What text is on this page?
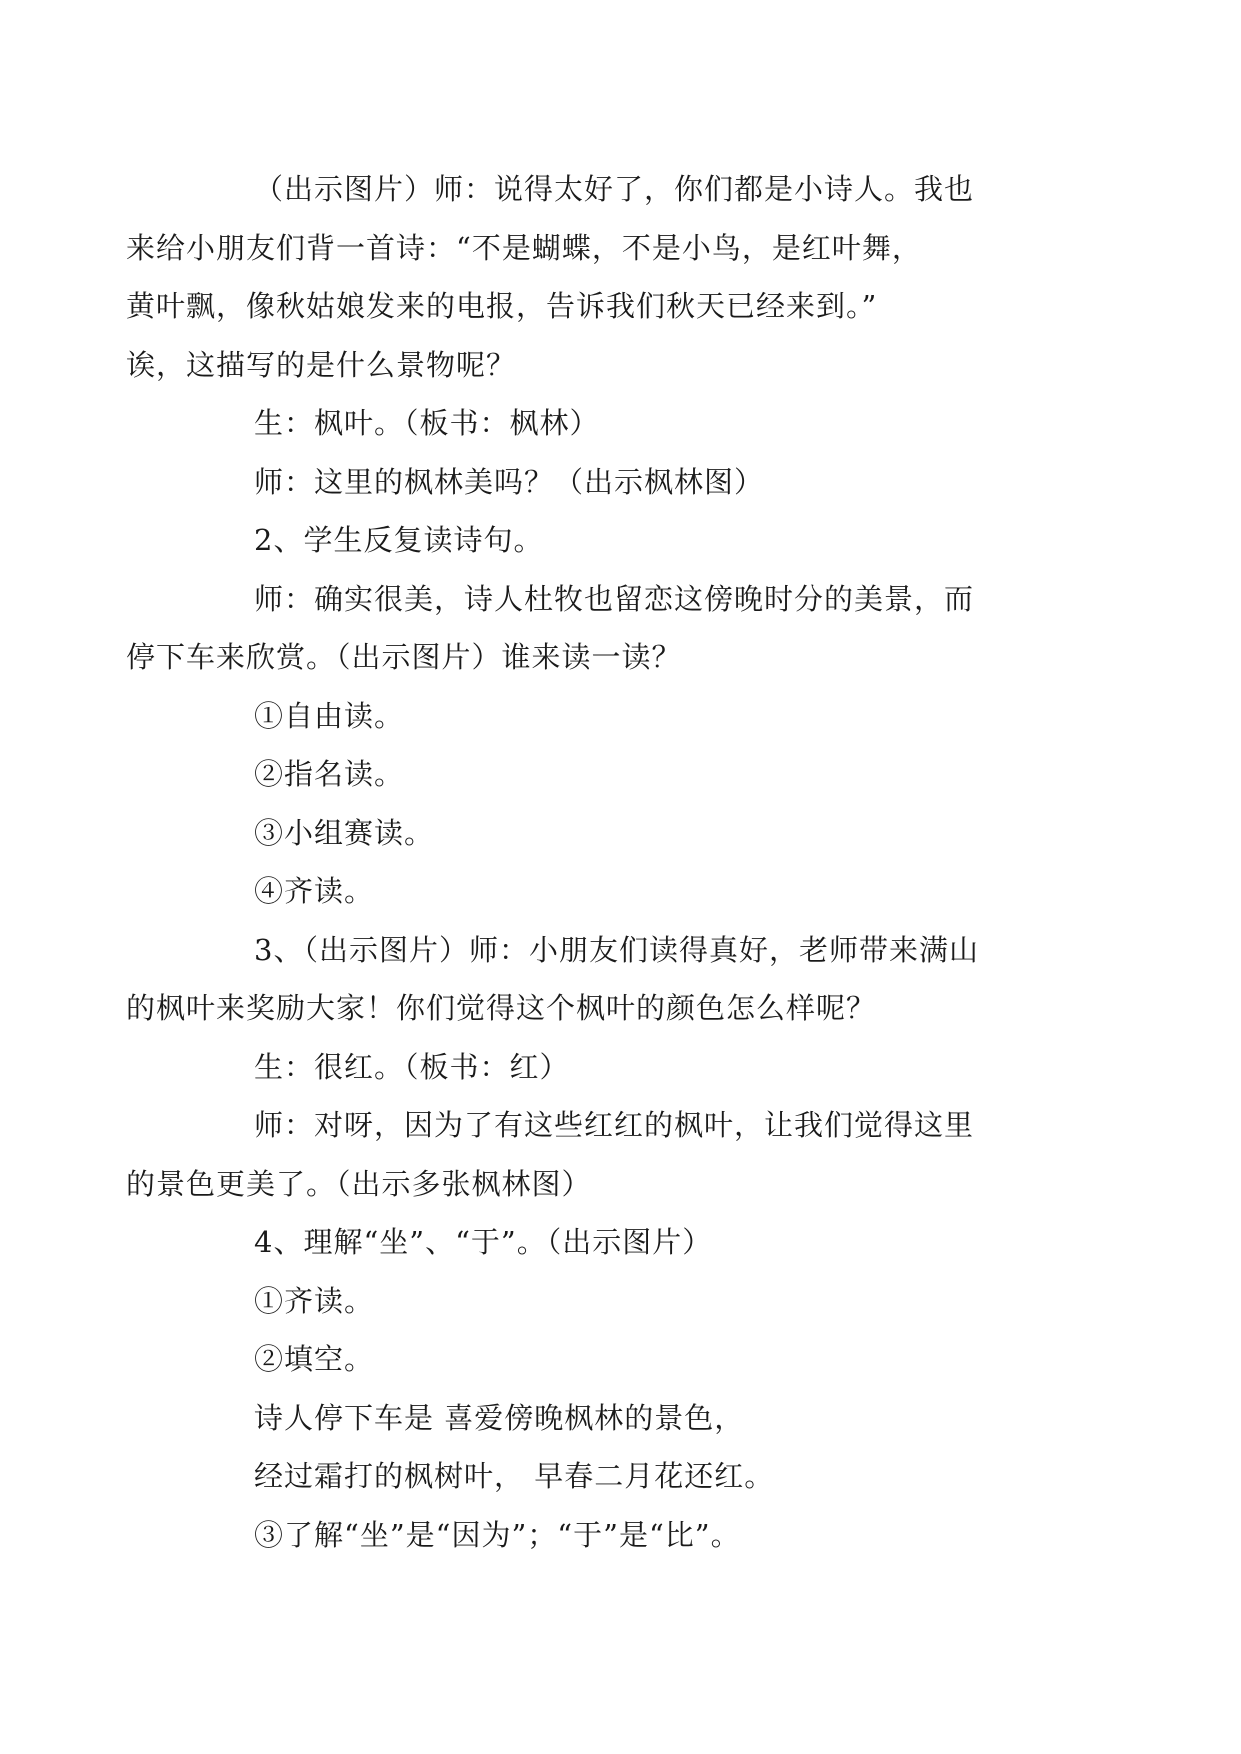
（出示图片）师：说得太好了，你们都是小诗人。我也
来给小朋友们背一首诗：“不是蝴蝶，不是小鸟，是红叶舞，
黄叶飘，像秋姑娘发来的电报，告诉我们秋天已经来到。”
诶，这描写的是什么景物呢？

生：枫叶。（板书：枫林）

师：这里的枫林美吗？（出示枫林图）

2、学生反复读诗句。

师：确实很美，诗人杜牧也留恋这傍晚时分的美景，而
停下车来欣赏。（出示图片）谁来读一读？

①自由读。

②指名读。

③小组赛读。

④齐读。

3、（出示图片）师：小朋友们读得真好，老师带来满山
的枫叶来奖励大家！你们觉得这个枫叶的颜色怎么样呢？

生：很红。（板书：红）

师：对呀，因为了有这些红红的枫叶，让我们觉得这里
的景色更美了。（出示多张枫林图）

4、理解“坐”、“于”。（出示图片）

①齐读。

②填空。

诗人停下车是 喜爱傍晚枫林的景色，

经过霜打的枫树叶， 早春二月花还红。

③了解“坐”是“因为”；“于”是“比”。
